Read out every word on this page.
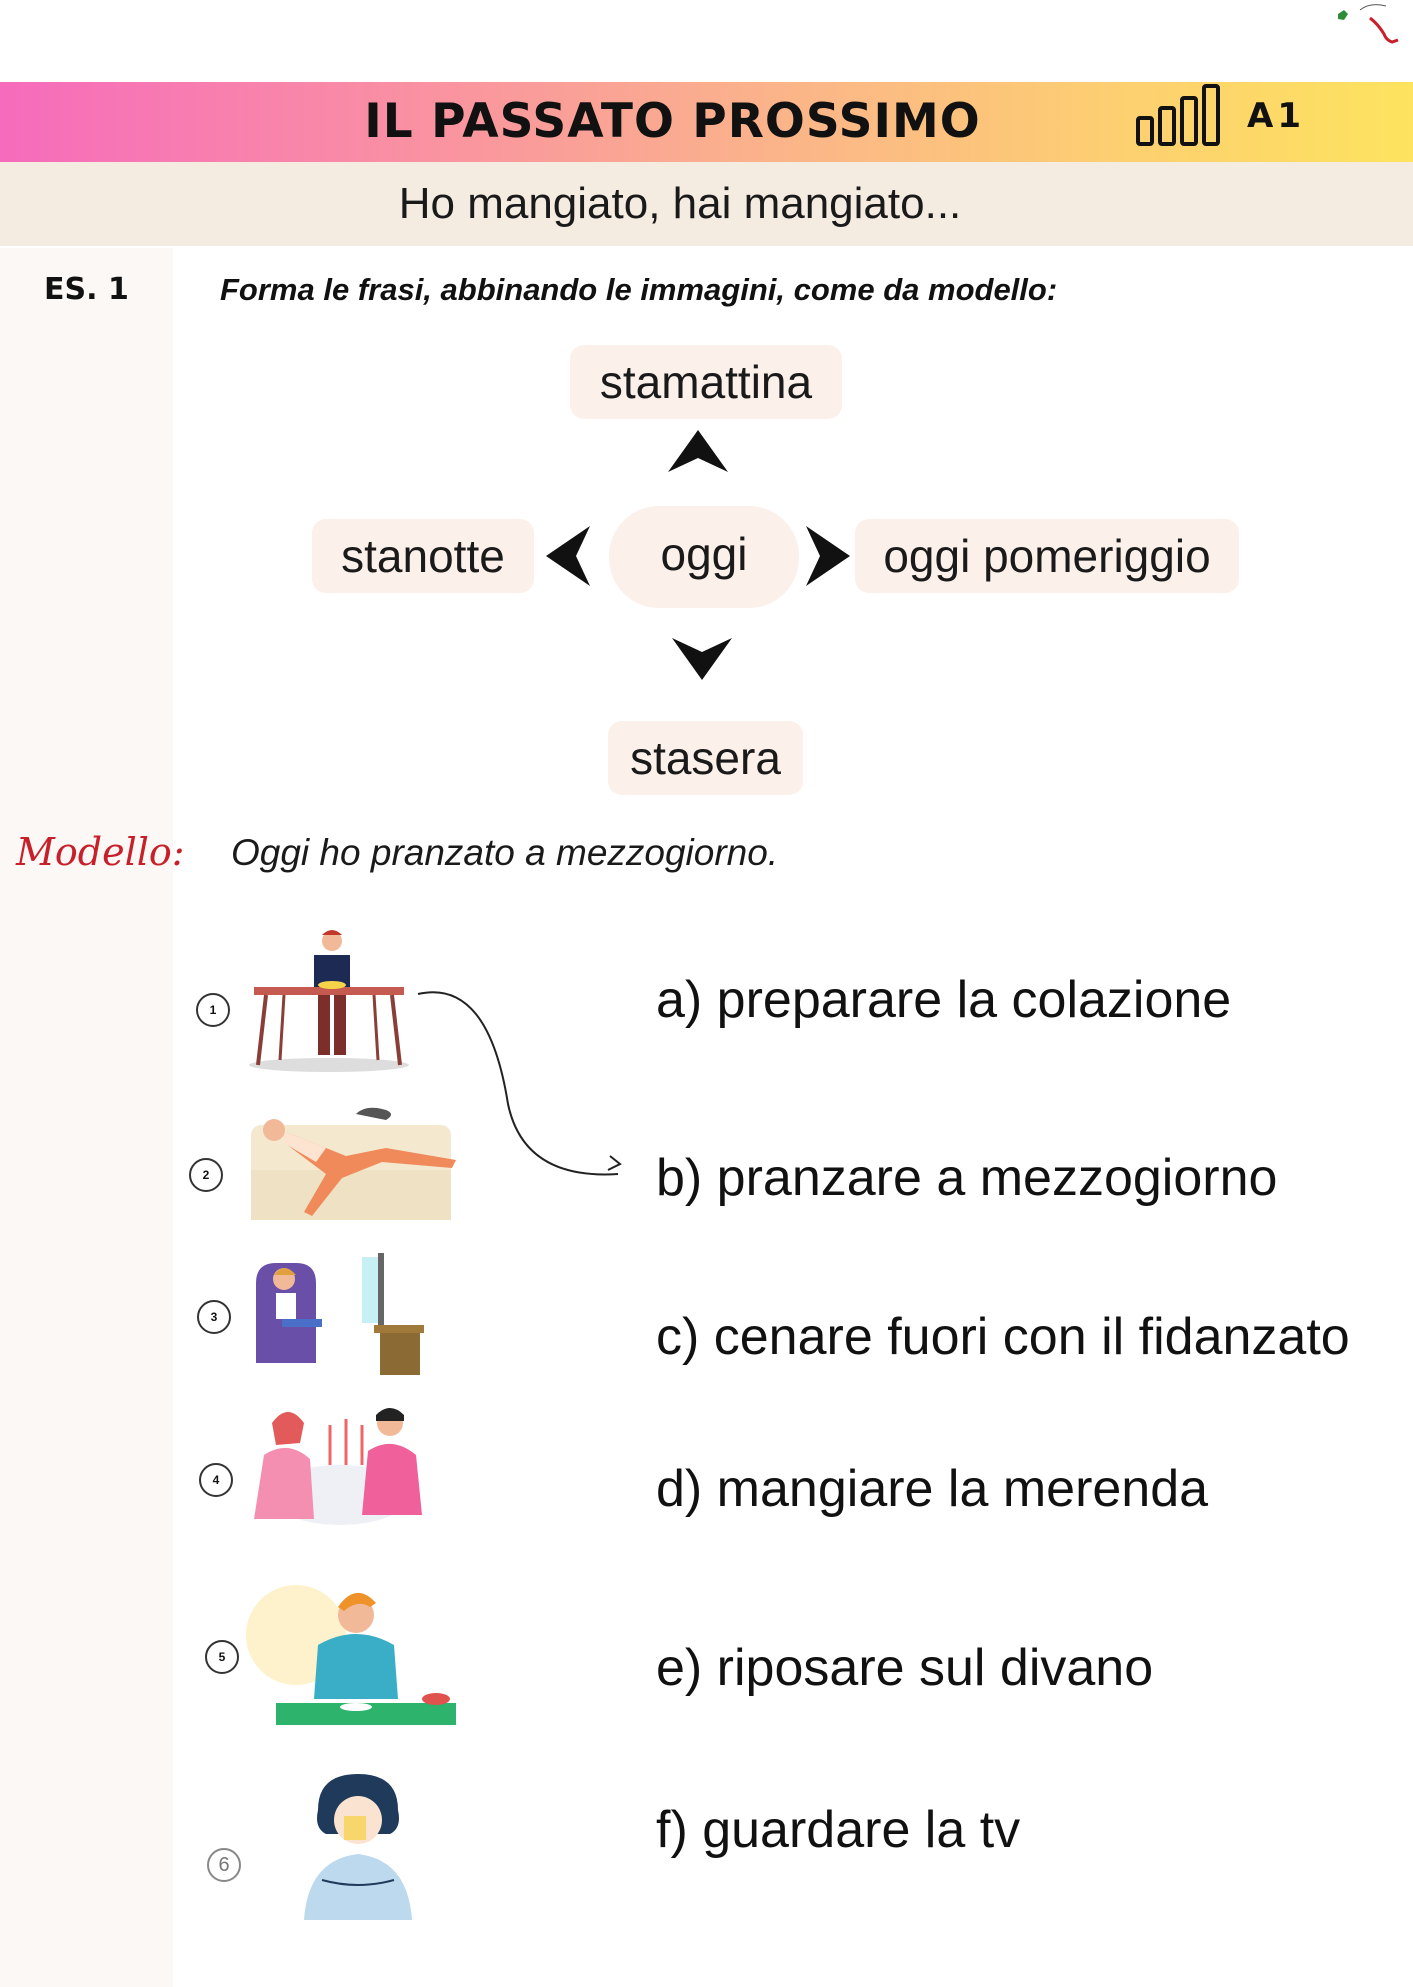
IL PASSATO PROSSIMO	A1
Ho mangiato, hai mangiato...
ES. 1	Forma le frasi, abbinando le immagini, come da modello:
stamattina
stanotte	oggi	oggi pomeriggio
stasera
Modello: Oggi ho pranzato a mezzogiorno.
1
2
3
4
5
6
a) preparare la colazione
b) pranzare a mezzogiorno
c) cenare fuori con il fidanzato
d) mangiare la merenda
e) riposare sul divano
f) guardare la tv
